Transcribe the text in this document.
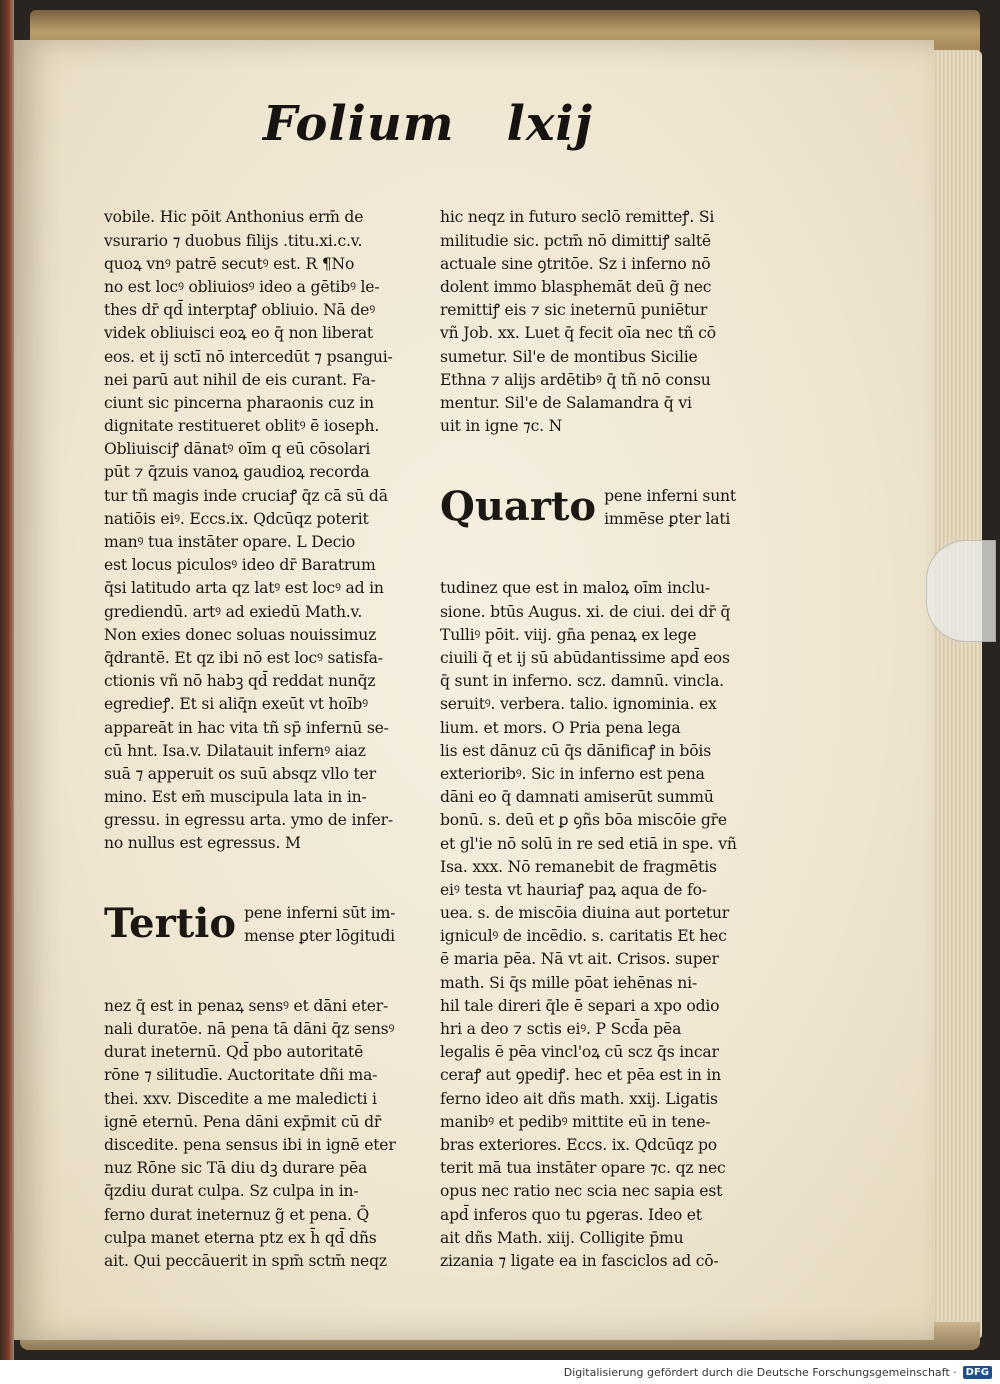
Folium lxij

vobile. Hic pōit Anthonius erm̄ de
vsurario ⁊ duobus filijs .titu.xi.c.v.
quoꝝ vnꝰ patrē secutꝰ est. R ¶No
no est locꝰ obliuiosꝰ ideo a gētibꝰ le-
thes dr̄ qd̄ interptaꝭ obliuio. Nā deꝰ
videk obliuisci eoꝝ eo q̄ non liberat
eos. et ij sctī nō intercedūt ⁊ psangui-
nei parū aut nihil de eis curant. Fa-
ciunt sic pincerna pharaonis cuz in
dignitate restitueret oblitꝰ ē ioseph.
Obliuisciꝭ dānatꝰ oīm q eū cōsolari
pūt ⁊ q̄zuis vanoꝝ gaudioꝝ recorda
tur tñ magis inde cruciaꝭ q̄z cā sū dā
natiōis eiꝰ. Eccs.ix. Qdcūqz poterit
manꝰ tua instāter opare. L Decio
est locus piculosꝰ ideo dr̄ Baratrum
q̄si latitudo arta qz latꝰ est locꝰ ad in
grediendū. artꝰ ad exiedū Math.v.
Non exies donec soluas nouissimuz
q̄drantē. Et qz ibi nō est locꝰ satisfa-
ctionis vñ nō habꝫ qd̄ reddat nunq̄z
egredieꝭ. Et si aliq̄n exeūt vt hoībꝰ
appareāt in hac vita tñ sp̄ infernū se-
cū hnt. Isa.v. Dilatauit infernꝰ aiaz
suā ⁊ apperuit os suū absqz vllo ter
mino. Est em̄ muscipula lata in in-
gressu. in egressu arta. ymo de infer-
no nullus est egressus. M

Tertio pene inferni sūt im-
mense ꝑter lōgitudi

nez q̄ est in penaꝝ sensꝰ et dāni eter-
nali duratōe. nā pena tā dāni q̄z sensꝰ
durat ineternū. Qd̄ pbo autoritatē
rōne ⁊ silitudīe. Auctoritate dñi ma-
thei. xxv. Discedite a me maledicti i
ignē eternū. Pena dāni exp̄mit cū dr̄
discedite. pena sensus ibi in ignē eter
nuz Rōne sic Tā diu dꝫ durare pēa
q̄zdiu durat culpa. Sz culpa in in-
ferno durat ineternuz g̃ et pena. Q̄
culpa manet eterna ptz ex h̄ qd̄ dñs
ait. Qui peccāuerit in spm̄ sctm̄ neqz

hic neqz in futuro seclō remitteꝭ. Si
militudie sic. pctm̄ nō dimittiꝭ saltē
actuale sine ꝯtritōe. Sz i inferno nō
dolent immo blasphemāt deū g̃ nec
remittiꝭ eis ⁊ sic ineternū puniētur
vñ Job. xx. Luet q̄ fecit oīa nec tñ cō
sumetur. Sil'e de montibus Sicilie
Ethna ⁊ alijs ardētibꝰ q̄ tñ nō consu
mentur. Sil'e de Salamandra q̄ vi
uit in igne ⁊c. N

Quarto pene inferni sunt
immēse ꝑter lati

tudinez que est in maloꝝ oīm inclu-
sione. btūs Augus. xi. de ciui. dei dr̄ q̄
Tulliꝰ pōit. viij. gn̄a penaꝝ ex lege
ciuili q̄ et ij sū abūdantissime apd̄ eos
q̄ sunt in inferno. scz. damnū. vincla.
seruitꝰ. verbera. talio. ignominia. ex
lium. et mors. O Pria pena lega
lis est dānuz cū q̄s dānificaꝭ in bōis
exterioribꝰ. Sic in inferno est pena
dāni eo q̄ damnati amiserūt summū
bonū. s. deū et ꝑ ꝯñs bōa miscōie gr̄e
et gl'ie nō solū in re sed etiā in spe. vñ
Isa. xxx. Nō remanebit de fragmētis
eiꝰ testa vt hauriaꝭ paꝝ aqua de fo-
uea. s. de miscōia diuina aut portetur
igniculꝰ de incēdio. s. caritatis Et hec
ē maria pēa. Nā vt ait. Crisos. super
math. Si q̄s mille pōat iehēnas ni-
hil tale direri q̄le ē separi a xpo odio
hri a deo ⁊ sctis eiꝰ. P Scd̄a pēa
legalis ē pēa vincl'oꝝ cū scz q̄s incar
ceraꝭ aut ꝯpediꝭ. hec et pēa est in in
ferno ideo ait dñs math. xxij. Ligatis
manibꝰ et pedibꝰ mittite eū in tene-
bras exteriores. Eccs. ix. Qdcūqz po
terit mā tua instāter opare ⁊c. qz nec
opus nec ratio nec scia nec sapia est
apd̄ inferos quo tu ꝑgeras. Ideo et
ait dñs Math. xiij. Colligite p̄mu
zizania ⁊ ligate ea in fasciclos ad cō-

Digitalisierung gefördert durch die Deutsche Forschungsgemeinschaft · DFG
